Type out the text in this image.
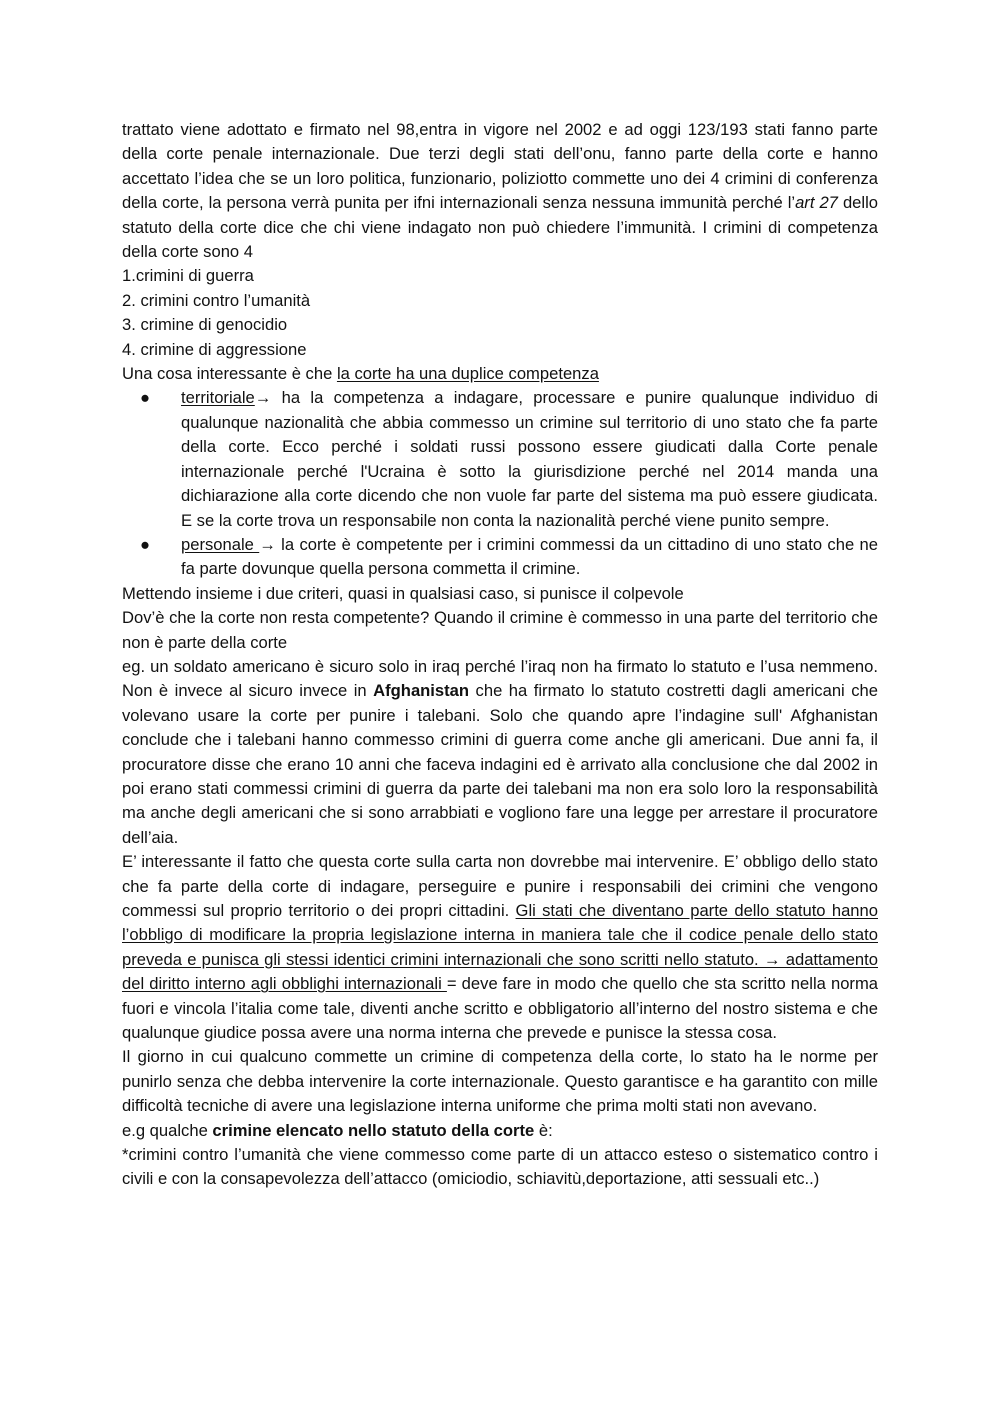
trattato viene adottato e firmato nel 98,entra in vigore nel 2002 e ad oggi 123/193 stati fanno parte della corte penale internazionale. Due terzi degli stati dell’onu, fanno parte della corte e hanno accettato l’idea che se un loro politica, funzionario, poliziotto commette uno dei 4 crimini di conferenza della corte, la persona verrà punita per ifni internazionali senza nessuna immunità perché l’art 27 dello statuto della corte dice che chi viene indagato non può chiedere l’immunità. I crimini di competenza della corte sono 4

1.crimini di guerra

2. crimini contro l’umanità

3. crimine di genocidio

4. crimine di aggressione

Una cosa interessante è che la corte ha una duplice competenza

● territoriale→ ha la competenza a indagare, processare e punire qualunque individuo di qualunque nazionalità che abbia commesso un crimine sul territorio di uno stato che fa parte della corte. Ecco perché i soldati russi possono essere giudicati dalla Corte penale internazionale perché l'Ucraina è sotto la giurisdizione perché nel 2014 manda una dichiarazione alla corte dicendo che non vuole far parte del sistema ma può essere giudicata. E se la corte trova un responsabile non conta la nazionalità perché viene punito sempre.
● personale → la corte è competente per i crimini commessi da un cittadino di uno stato che ne fa parte dovunque quella persona commetta il crimine.

Mettendo insieme i due criteri, quasi in qualsiasi caso, si punisce il colpevole

Dov’è che la corte non resta competente? Quando il crimine è commesso in una parte del territorio che non è parte della corte

eg. un soldato americano è sicuro solo in iraq perché l’iraq non ha firmato lo statuto e l’usa nemmeno. Non è invece al sicuro invece in Afghanistan che ha firmato lo statuto costretti dagli americani che volevano usare la corte per punire i talebani. Solo che quando apre l’indagine sull' Afghanistan conclude che i talebani hanno commesso crimini di guerra come anche gli americani. Due anni fa, il procuratore disse che erano 10 anni che faceva indagini ed è arrivato alla conclusione che dal 2002 in poi erano stati commessi crimini di guerra da parte dei talebani ma non era solo loro la responsabilità ma anche degli americani che si sono arrabbiati e vogliono fare una legge per arrestare il procuratore dell’aia.

E’ interessante il fatto che questa corte sulla carta non dovrebbe mai intervenire. E’ obbligo dello stato che fa parte della corte di indagare, perseguire e punire i responsabili dei crimini che vengono commessi sul proprio territorio o dei propri cittadini. Gli stati che diventano parte dello statuto hanno l’obbligo di modificare la propria legislazione interna in maniera tale che il codice penale dello stato preveda e punisca gli stessi identici crimini internazionali che sono scritti nello statuto. → adattamento del diritto interno agli obblighi internazionali = deve fare in modo che quello che sta scritto nella norma fuori e vincola l’italia come tale, diventi anche scritto e obbligatorio all’interno del nostro sistema e che qualunque giudice possa avere una norma interna che prevede e punisce la stessa cosa.

Il giorno in cui qualcuno commette un crimine di competenza della corte, lo stato ha le norme per punirlo senza che debba intervenire la corte internazionale. Questo garantisce e ha garantito con mille difficoltà tecniche di avere una legislazione interna uniforme che prima molti stati non avevano.

e.g qualche crimine elencato nello statuto della corte è:

*crimini contro l’umanità che viene commesso come parte di un attacco esteso o sistematico contro i civili e con la consapevolezza dell’attacco (omiciodio, schiavitù,deportazione, atti sessuali etc..)
